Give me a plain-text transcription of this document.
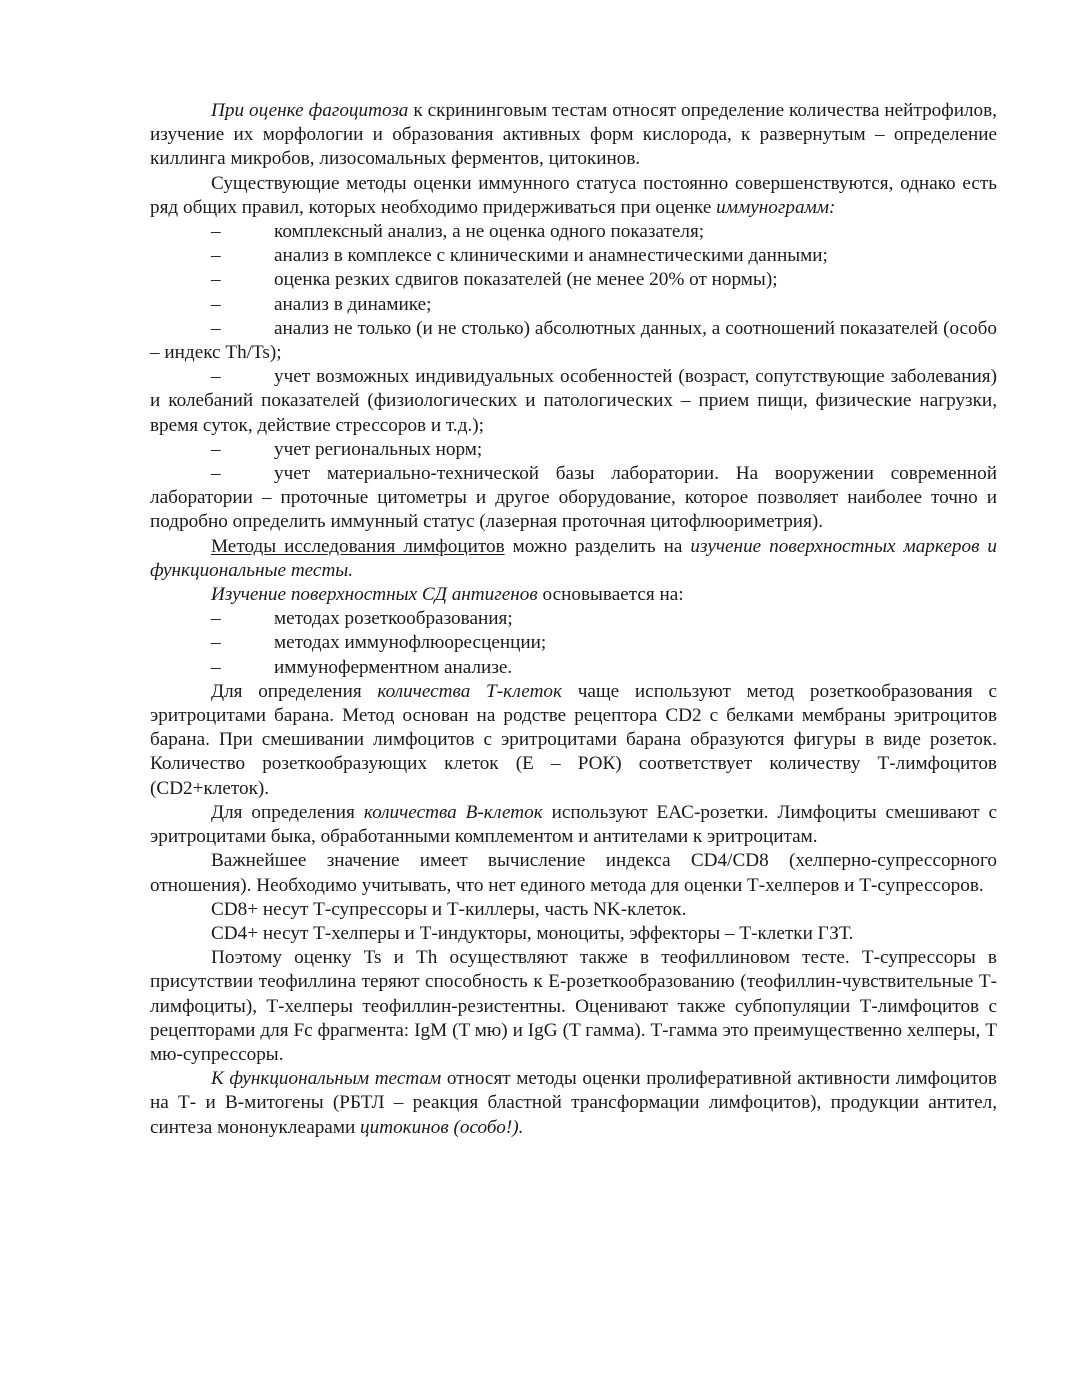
При оценке фагоцитоза к скрининговым тестам относят определение количества нейтрофилов, изучение их морфологии и образования активных форм кислорода, к развернутым – определение киллинга микробов, лизосомальных ферментов, цитокинов.

Существующие методы оценки иммунного статуса постоянно совершенствуются, однако есть ряд общих правил, которых необходимо придерживаться при оценке иммунограмм:

–	комплексный анализ, а не оценка одного показателя;

–	анализ в комплексе с клиническими и анамнестическими данными;

–	оценка резких сдвигов показателей (не менее 20% от нормы);

–	анализ в динамике;

–	анализ не только (и не столько) абсолютных данных, а соотношений показателей (особо – индекс Th/Ts);

–	учет возможных индивидуальных особенностей (возраст, сопутствующие заболевания) и колебаний показателей (физиологических и патологических – прием пищи, физические нагрузки, время суток, действие стрессоров и т.д.);

–	учет региональных норм;

–	учет материально-технической базы лаборатории. На вооружении современной лаборатории – проточные цитометры и другое оборудование, которое позволяет наиболее точно и подробно определить иммунный статус (лазерная проточная цитофлюориметрия).

Методы исследования лимфоцитов можно разделить на изучение поверхностных маркеров и функциональные тесты.

Изучение поверхностных СД антигенов основывается на:

–	методах розеткообразования;

–	методах иммунофлюоресценции;

–	иммуноферментном анализе.

Для определения количества Т-клеток чаще используют метод розеткообразования с эритроцитами барана. Метод основан на родстве рецептора CD2 с белками мембраны эритроцитов барана. При смешивании лимфоцитов с эритроцитами барана образуются фигуры в виде розеток. Количество розеткообразующих клеток (Е – РОК) соответствует количеству Т-лимфоцитов (CD2+клеток).

Для определения количества В-клеток используют ЕАС-розетки. Лимфоциты смешивают с эритроцитами быка, обработанными комплементом и антителами к эритроцитам.

Важнейшее значение имеет вычисление индекса CD4/CD8 (хелперно-супрессорного отношения). Необходимо учитывать, что нет единого метода для оценки Т-хелперов и Т-супрессоров.

CD8+ несут Т-супрессоры и Т-киллеры, часть NK-клеток.

CD4+ несут Т-хелперы и Т-индукторы, моноциты, эффекторы – Т-клетки ГЗТ.

Поэтому оценку Ts и Th осуществляют также в теофиллиновом тесте. Т-супрессоры в присутствии теофиллина теряют способность к Е-розеткообразованию (теофиллин-чувствительные Т-лимфоциты), Т-хелперы теофиллин-резистентны. Оценивают также субпопуляции Т-лимфоцитов с рецепторами для Fc фрагмента: IgM (T мю) и IgG (T гамма). Т-гамма это преимущественно хелперы, T мю-супрессоры.

К функциональным тестам относят методы оценки пролиферативной активности лимфоцитов на Т- и В-митогены (РБТЛ – реакция бластной трансформации лимфоцитов), продукции антител, синтеза мононуклеарами цитокинов (особо!).
